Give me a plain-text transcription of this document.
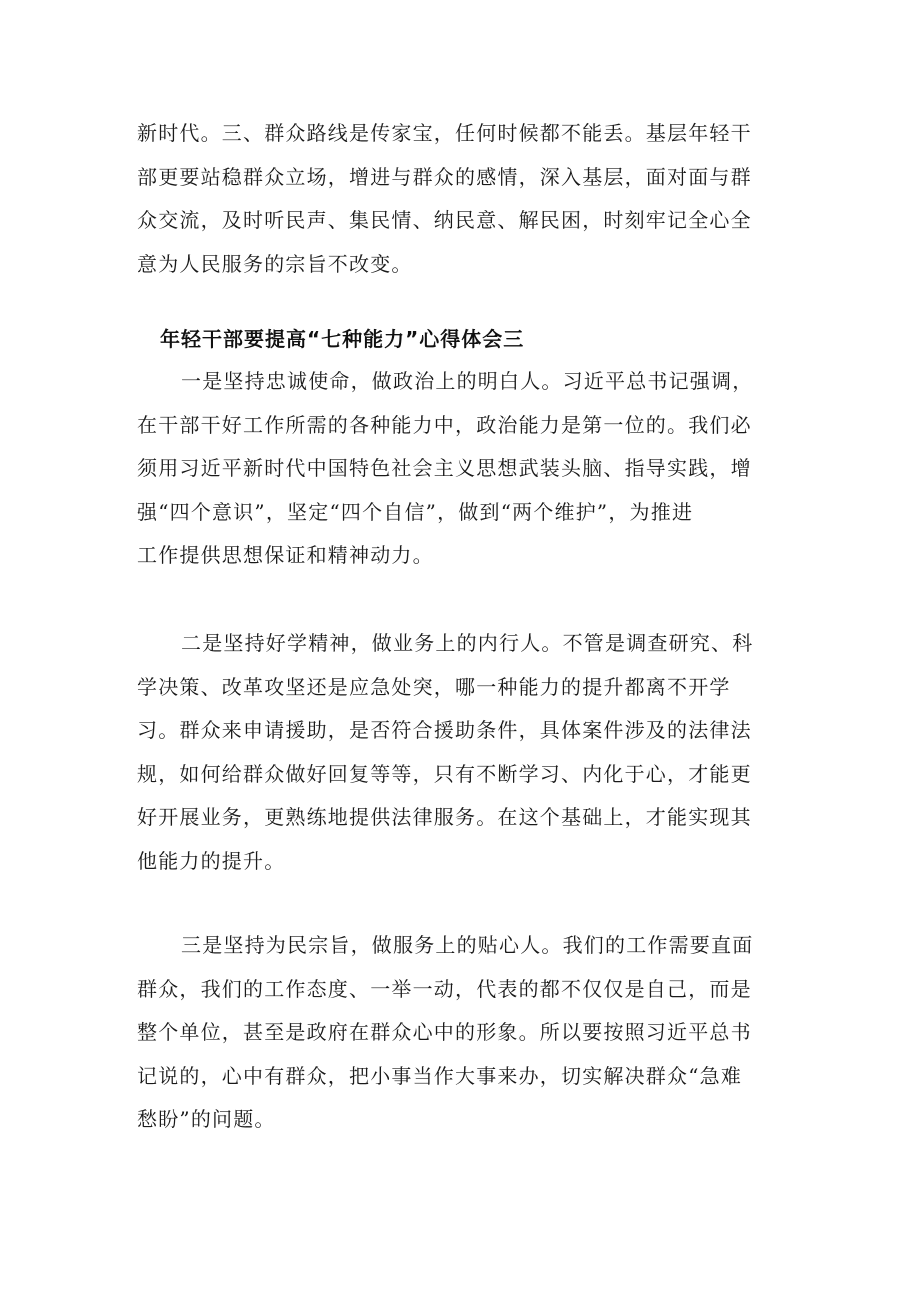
新时代。三、群众路线是传家宝，任何时候都不能丢。基层年轻干
部更要站稳群众立场，增进与群众的感情，深入基层，面对面与群
众交流，及时听民声、集民情、纳民意、解民困，时刻牢记全心全
意为人民服务的宗旨不改变。
年轻干部要提高“七种能力”心得体会三
一是坚持忠诚使命，做政治上的明白人。习近平总书记强调，
在干部干好工作所需的各种能力中，政治能力是第一位的。我们必
须用习近平新时代中国特色社会主义思想武装头脑、指导实践，增
强“四个意识”，坚定“四个自信”，做到“两个维护”，为推进
工作提供思想保证和精神动力。
二是坚持好学精神，做业务上的内行人。不管是调查研究、科
学决策、改革攻坚还是应急处突，哪一种能力的提升都离不开学
习。群众来申请援助，是否符合援助条件，具体案件涉及的法律法
规，如何给群众做好回复等等，只有不断学习、内化于心，才能更
好开展业务，更熟练地提供法律服务。在这个基础上，才能实现其
他能力的提升。
三是坚持为民宗旨，做服务上的贴心人。我们的工作需要直面
群众，我们的工作态度、一举一动，代表的都不仅仅是自己，而是
整个单位，甚至是政府在群众心中的形象。所以要按照习近平总书
记说的，心中有群众，把小事当作大事来办，切实解决群众“急难
愁盼”的问题。
